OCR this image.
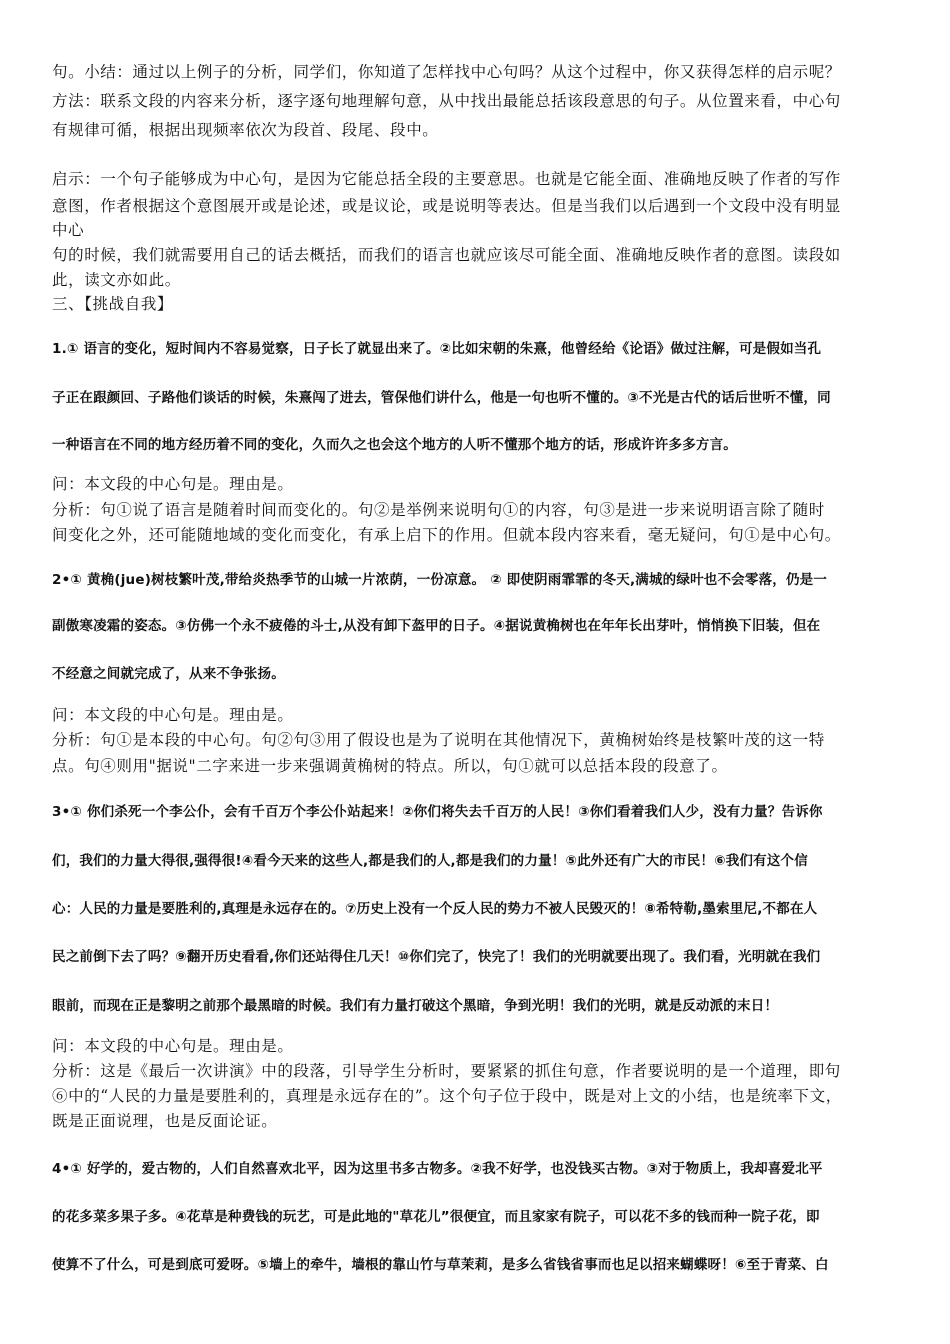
句。小结：通过以上例子的分析，同学们，你知道了怎样找中心句吗？从这个过程中，你又获得怎样的启示呢？
方法：联系文段的内容来分析，逐字逐句地理解句意，从中找出最能总括该段意思的句子。从位置来看，中心句
有规律可循，根据出现频率依次为段首、段尾、段中。
启示：一个句子能够成为中心句，是因为它能总括全段的主要意思。也就是它能全面、准确地反映了作者的写作
意图，作者根据这个意图展开或是论述，或是议论，或是说明等表达。但是当我们以后遇到一个文段中没有明显
中心
句的时候，我们就需要用自己的话去概括，而我们的语言也就应该尽可能全面、准确地反映作者的意图。读段如
此，读文亦如此。
三、【挑战自我】
1.① 语言的变化，短时间内不容易觉察，日子长了就显出来了。②比如宋朝的朱熹，他曾经给《论语》做过注解，可是假如当孔
子正在跟颜回、子路他们谈话的时候，朱熹闯了进去，管保他们讲什么，他是一句也听不懂的。③不光是古代的话后世听不懂，同
一种语言在不同的地方经历着不同的变化，久而久之也会这个地方的人听不懂那个地方的话，形成许许多多方言。
问：本文段的中心句是。理由是。
分析：句①说了语言是随着时间而变化的。句②是举例来说明句①的内容，句③是进一步来说明语言除了随时
间变化之外，还可能随地域的变化而变化，有承上启下的作用。但就本段内容来看，毫无疑问，句①是中心句。
2•① 黄桷(jue)树枝繁叶茂,带给炎热季节的山城一片浓荫，一份凉意。 ② 即使阴雨霏霏的冬天,满城的绿叶也不会零落，仍是一
副傲寒凌霜的姿态。③仿佛一个永不疲倦的斗士,从没有卸下盔甲的日子。④据说黄桷树也在年年长出芽叶，悄悄换下旧装，但在
不经意之间就完成了，从来不争张扬。
问：本文段的中心句是。理由是。
分析：句①是本段的中心句。句②句③用了假设也是为了说明在其他情况下，黄桷树始终是枝繁叶茂的这一特
点。句④则用"据说"二字来进一步来强调黄桷树的特点。所以，句①就可以总括本段的段意了。
3•① 你们杀死一个李公仆，会有千百万个李公仆站起来！②你们将失去千百万的人民！③你们看着我们人少，没有力量？告诉你
们，我们的力量大得很,强得很!④看今天来的这些人,都是我们的人,都是我们的力量！⑤此外还有广大的市民！⑥我们有这个信
心：人民的力量是要胜利的,真理是永远存在的。⑦历史上没有一个反人民的势力不被人民毁灭的！⑧希特勒,墨索里尼,不都在人
民之前倒下去了吗？⑨翻开历史看看,你们还站得住几天！⑩你们完了，快完了！我们的光明就要出现了。我们看，光明就在我们
眼前，而现在正是黎明之前那个最黑暗的时候。我们有力量打破这个黑暗，争到光明！我们的光明，就是反动派的末日！
问：本文段的中心句是。理由是。
分析：这是《最后一次讲演》中的段落，引导学生分析时，要紧紧的抓住句意，作者要说明的是一个道理，即句
⑥中的“人民的力量是要胜利的，真理是永远存在的”。这个句子位于段中，既是对上文的小结，也是统率下文，
既是正面说理，也是反面论证。
4•① 好学的，爱古物的，人们自然喜欢北平，因为这里书多古物多。②我不好学，也没钱买古物。③对于物质上，我却喜爱北平
的花多菜多果子多。④花草是种费钱的玩艺，可是此地的"草花儿”很便宜，而且家家有院子，可以花不多的钱而种一院子花，即
使算不了什么，可是到底可爱呀。⑤墙上的牵牛，墙根的靠山竹与草茉莉，是多么省钱省事而也足以招来蝴蝶呀！⑥至于青菜、白
